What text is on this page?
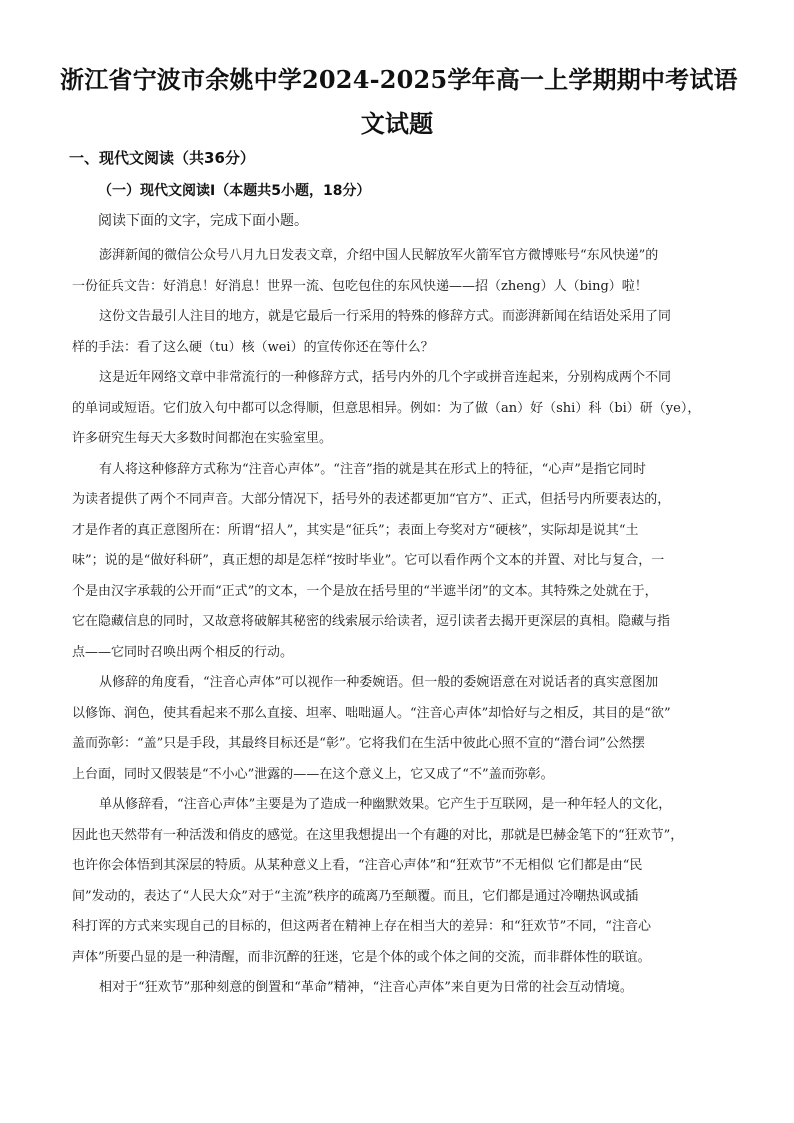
浙江省宁波市余姚中学2024-2025学年高一上学期期中考试语
文试题
一、现代文阅读（共36分）
（一）现代文阅读Ⅰ（本题共5小题，18分）
阅读下面的文字，完成下面小题。
澎湃新闻的微信公众号八月九日发表文章，介绍中国人民解放军火箭军官方微博账号“东风快递”的
一份征兵文告：好消息！好消息！世界一流、包吃包住的东风快递——招（zheng）人（bing）啦！
这份文告最引人注目的地方，就是它最后一行采用的特殊的修辞方式。而澎湃新闻在结语处采用了同
样的手法：看了这么硬（tu）核（wei）的宣传你还在等什么？
这是近年网络文章中非常流行的一种修辞方式，括号内外的几个字或拼音连起来，分别构成两个不同
的单词或短语。它们放入句中都可以念得顺，但意思相异。例如：为了做（an）好（shi）科（bi）研（ye），
许多研究生每天大多数时间都泡在实验室里。
有人将这种修辞方式称为“注音心声体”。“注音”指的就是其在形式上的特征，“心声”是指它同时
为读者提供了两个不同声音。大部分情况下，括号外的表述都更加“官方”、正式，但括号内所要表达的，
才是作者的真正意图所在：所谓“招人”，其实是“征兵”；表面上夸奖对方“硬核”，实际却是说其“土
味”；说的是“做好科研”，真正想的却是怎样“按时毕业”。它可以看作两个文本的并置、对比与复合，一
个是由汉字承载的公开而“正式”的文本，一个是放在括号里的“半遮半闭”的文本。其特殊之处就在于，
它在隐藏信息的同时，又故意将破解其秘密的线索展示给读者，逗引读者去揭开更深层的真相。隐藏与指
点——它同时召唤出两个相反的行动。
从修辞的角度看，“注音心声体”可以视作一种委婉语。但一般的委婉语意在对说话者的真实意图加
以修饰、润色，使其看起来不那么直接、坦率、咄咄逼人。“注音心声体”却恰好与之相反，其目的是“欲”
盖而弥彰：“盖”只是手段，其最终目标还是“彰”。它将我们在生活中彼此心照不宣的“潜台词”公然摆
上台面，同时又假装是“不小心”泄露的——在这个意义上，它又成了“不”盖而弥彰。
单从修辞看，“注音心声体”主要是为了造成一种幽默效果。它产生于互联网，是一种年轻人的文化，
因此也天然带有一种活泼和俏皮的感觉。在这里我想提出一个有趣的对比，那就是巴赫金笔下的“狂欢节”，
也许你会体悟到其深层的特质。从某种意义上看，“注音心声体”和“狂欢节”不无相似 它们都是由“民
间”发动的，表达了“人民大众”对于“主流”秩序的疏离乃至颠覆。而且，它们都是通过冷嘲热讽或插
科打诨的方式来实现自己的目标的，但这两者在精神上存在相当大的差异：和“狂欢节”不同，“注音心
声体”所要凸显的是一种清醒，而非沉醉的狂迷，它是个体的或个体之间的交流，而非群体性的联谊。
相对于“狂欢节”那种刻意的倒置和“革命”精神，“注音心声体”来自更为日常的社会互动情境。
